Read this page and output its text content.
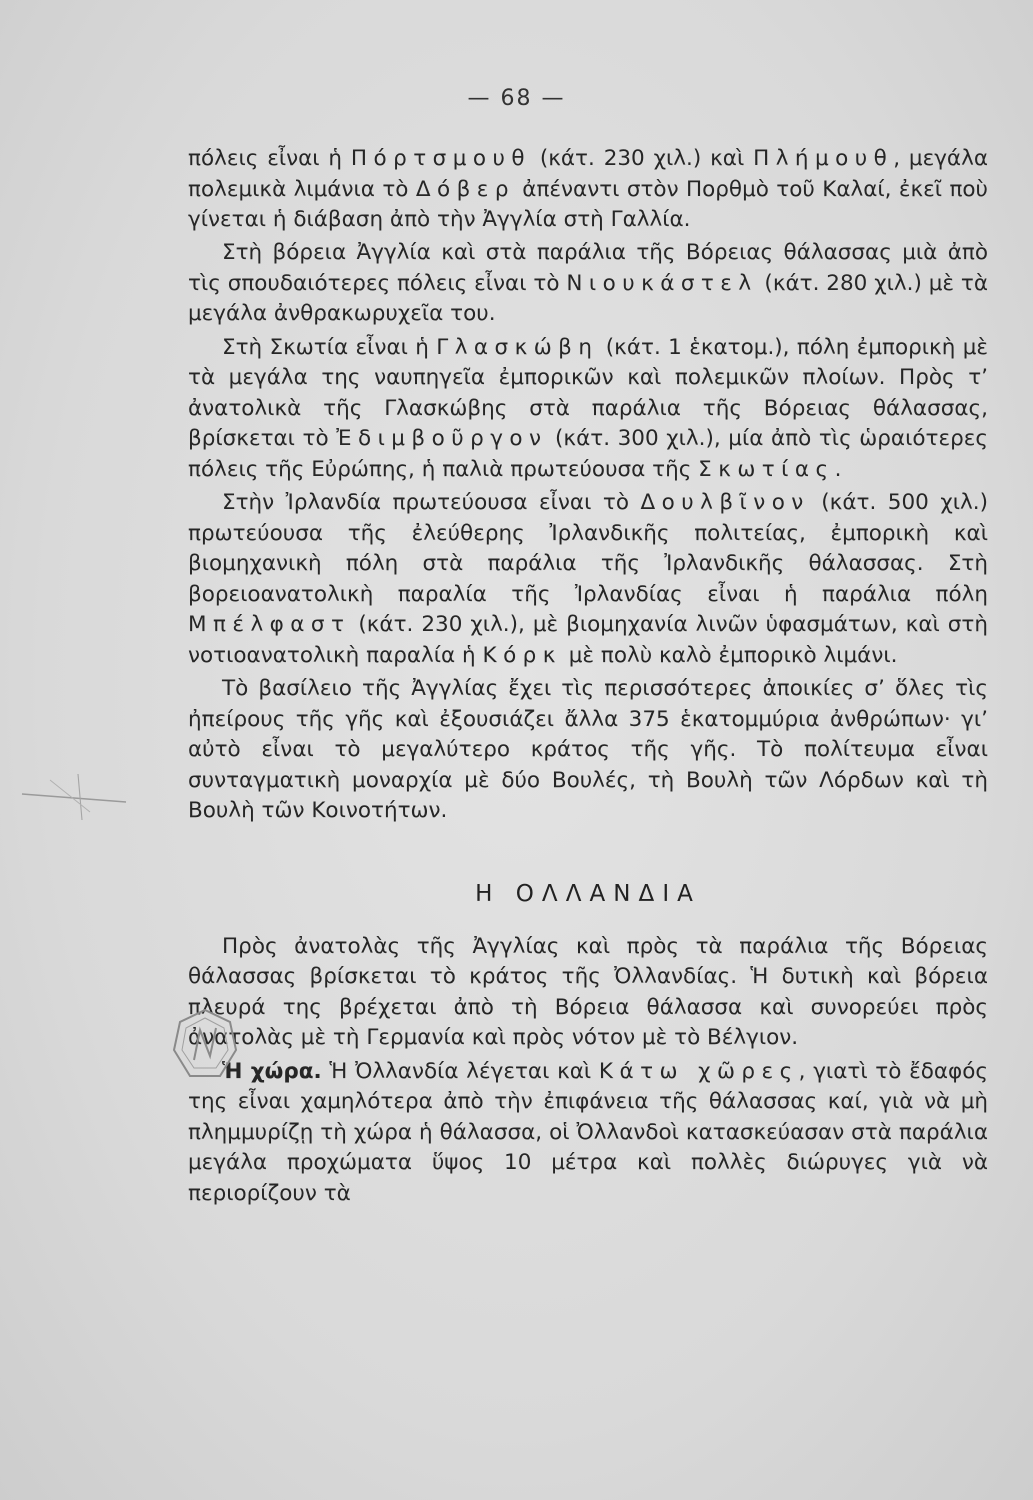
— 68 —

πόλεις εἶναι ἡ Πόρτσμουθ (κάτ. 230 χιλ.) καὶ Πλήμουθ, μεγάλα πολεμικὰ λιμάνια τὸ Δόβερ ἀπέναντι στὸν Πορθμὸ τοῦ Καλαί, ἐκεῖ ποὺ γίνεται ἡ διάβαση ἀπὸ τὴν Ἀγγλία στὴ Γαλλία.

Στὴ βόρεια Ἀγγλία καὶ στὰ παράλια τῆς Βόρειας θάλασσας μιὰ ἀπὸ τὶς σπουδαιότερες πόλεις εἶναι τὸ Νιουκάστελ (κάτ. 280 χιλ.) μὲ τὰ μεγάλα ἀνθρακωρυχεῖα του.

Στὴ Σκωτία εἶναι ἡ Γλασκώβη (κάτ. 1 ἑκατομ.), πόλη ἐμπορικὴ μὲ τὰ μεγάλα της ναυπηγεῖα ἐμπορικῶν καὶ πολεμικῶν πλοίων. Πρὸς τ’ ἀνατολικὰ τῆς Γλασκώβης στὰ παράλια τῆς Βόρειας θάλασσας, βρίσκεται τὸ Ἐδιμβοῦργον (κάτ. 300 χιλ.), μία ἀπὸ τὶς ὡραιότερες πόλεις τῆς Εὐρώπης, ἡ παλιὰ πρωτεύουσα τῆς Σκωτίας.

Στὴν Ἰρλανδία πρωτεύουσα εἶναι τὸ Δουλβῖνον (κάτ. 500 χιλ.) πρωτεύουσα τῆς ἐλεύθερης Ἰρλανδικῆς πολιτείας, ἐμπορικὴ καὶ βιομηχανικὴ πόλη στὰ παράλια τῆς Ἰρλανδικῆς θάλασσας. Στὴ βορειοανατολικὴ παραλία τῆς Ἰρλανδίας εἶναι ἡ παράλια πόλη Μπέλφαστ (κάτ. 230 χιλ.), μὲ βιομηχανία λινῶν ὑφασμάτων, καὶ στὴ νοτιοανατολικὴ παραλία ἡ Κόρκ μὲ πολὺ καλὸ ἐμπορικὸ λιμάνι.

Τὸ βασίλειο τῆς Ἀγγλίας ἔχει τὶς περισσότερες ἀποικίες σ’ ὅλες τὶς ἠπείρους τῆς γῆς καὶ ἐξουσιάζει ἄλλα 375 ἑκατομμύρια ἀνθρώπων· γι’ αὐτὸ εἶναι τὸ μεγαλύτερο κράτος τῆς γῆς. Τὸ πολίτευμα εἶναι συνταγματικὴ μοναρχία μὲ δύο Βουλές, τὴ Βουλὴ τῶν Λόρδων καὶ τὴ Βουλὴ τῶν Κοινοτήτων.

Η ΟΛΛΑΝΔΙΑ

Πρὸς ἀνατολὰς τῆς Ἀγγλίας καὶ πρὸς τὰ παράλια τῆς Βόρειας θάλασσας βρίσκεται τὸ κράτος τῆς Ὀλλανδίας. Ἡ δυτικὴ καὶ βόρεια πλευρά της βρέχεται ἀπὸ τὴ Βόρεια θάλασσα καὶ συνορεύει πρὸς ἀνατολὰς μὲ τὴ Γερμανία καὶ πρὸς νότον μὲ τὸ Βέλγιον.

Ἡ χώρα. Ἡ Ὀλλανδία λέγεται καὶ Κάτω χῶρες, γιατὶ τὸ ἔδαφός της εἶναι χαμηλότερα ἀπὸ τὴν ἐπιφάνεια τῆς θάλασσας καί, γιὰ νὰ μὴ πλημμυρίζῃ τὴ χώρα ἡ θάλασσα, οἱ Ὀλλανδοὶ κατασκεύασαν στὰ παράλια μεγάλα προχώματα ὕψος 10 μέτρα καὶ πολλὲς διώρυγες γιὰ νὰ περιορίζουν τὰ
